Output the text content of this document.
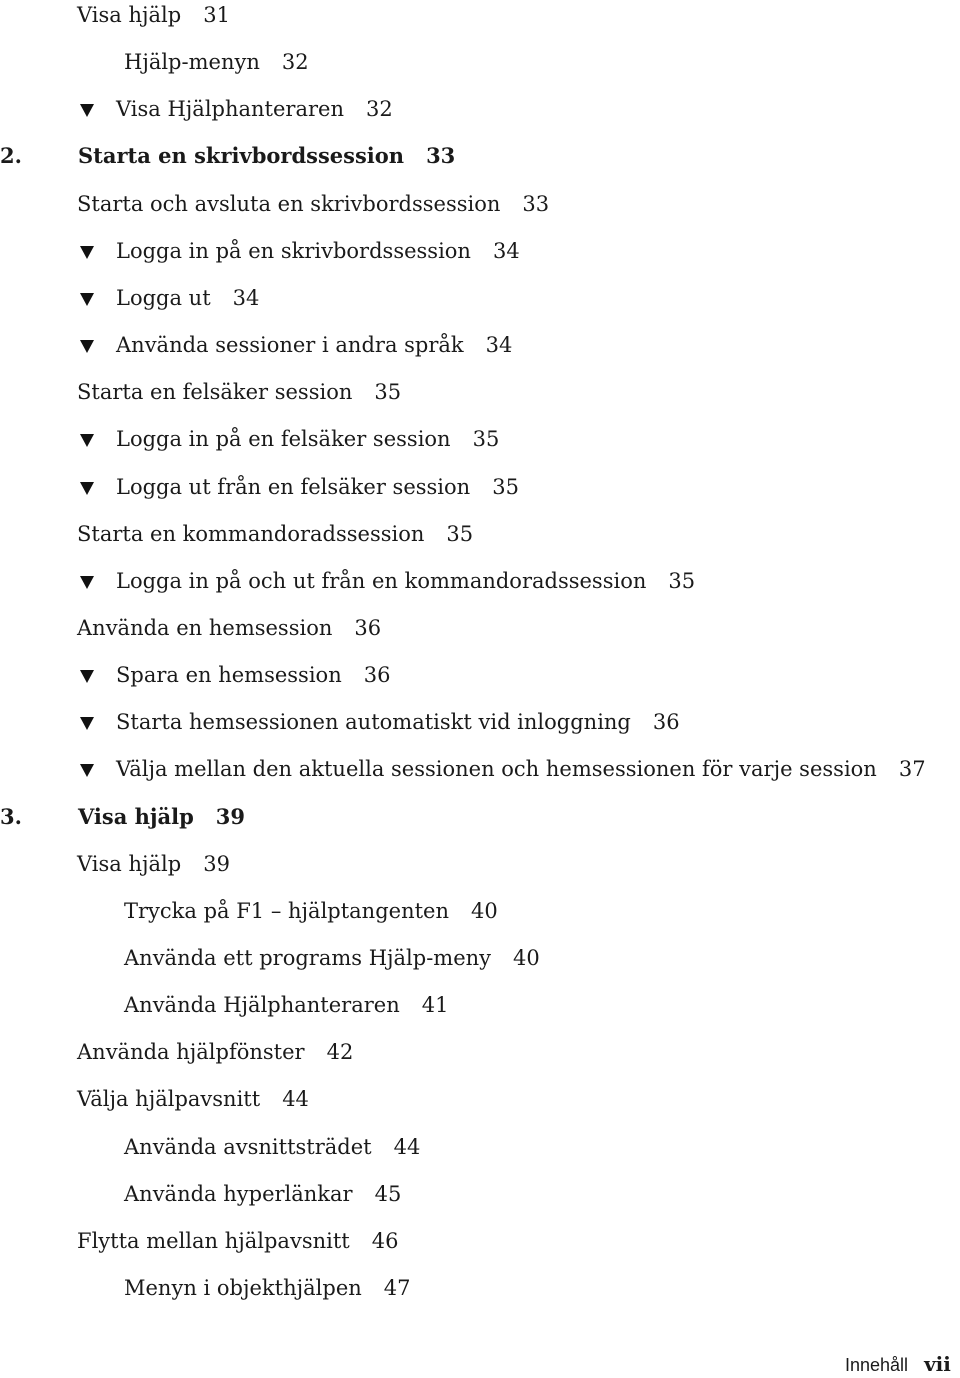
Visa hjälp 31
Hjälp-menyn 32
Visa Hjälphanteraren 32
2.	Starta en skrivbordssession 33
Starta och avsluta en skrivbordssession 33
Logga in på en skrivbordssession 34
Logga ut 34
Använda sessioner i andra språk 34
Starta en felsäker session 35
Logga in på en felsäker session 35
Logga ut från en felsäker session 35
Starta en kommandoradssession 35
Logga in på och ut från en kommandoradssession 35
Använda en hemsession 36
Spara en hemsession 36
Starta hemsessionen automatiskt vid inloggning 36
Välja mellan den aktuella sessionen och hemsessionen för varje session 37
3.	Visa hjälp 39
Visa hjälp 39
Trycka på F1 – hjälptangenten 40
Använda ett programs Hjälp-meny 40
Använda Hjälphanteraren 41
Använda hjälpfönster 42
Välja hjälpavsnitt 44
Använda avsnittsträdet 44
Använda hyperlänkar 45
Flytta mellan hjälpavsnitt 46
Menyn i objekthjälpen 47
Innehåll vii
